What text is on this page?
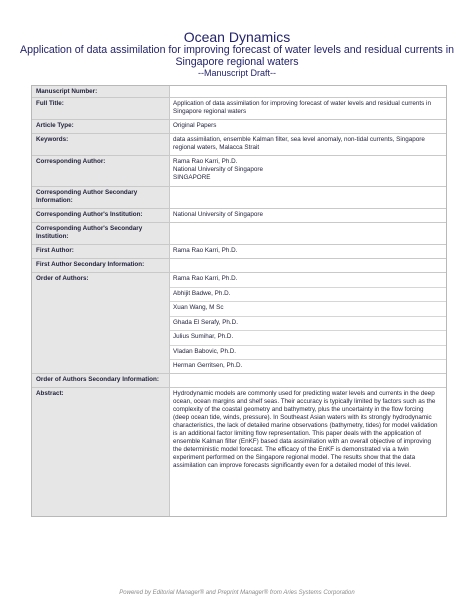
Ocean Dynamics
Application of data assimilation for improving forecast of water levels and residual currents in Singapore regional waters
--Manuscript Draft--
Manuscript Number:
Full Title:	Application of data assimilation for improving forecast of water levels and residual currents in Singapore regional waters
Article Type:	Original Papers
Keywords:	data assimilation, ensemble Kalman filter, sea level anomaly, non-tidal currents, Singapore regional waters, Malacca Strait
Corresponding Author:	Rama Rao Karri, Ph.D.
National University of Singapore
SINGAPORE
Corresponding Author Secondary Information:
Corresponding Author's Institution:	National University of Singapore
Corresponding Author's Secondary Institution:
First Author:	Rama Rao Karri, Ph.D.
First Author Secondary Information:
Order of Authors:	Rama Rao Karri, Ph.D.
Abhijit Badwe, Ph.D.
Xuan Wang, M Sc
Ghada El Serafy, Ph.D.
Julius Sumihar, Ph.D.
Vladan Babovic, Ph.D.
Herman Gerritsen, Ph.D.
Order of Authors Secondary Information:
Abstract:	Hydrodynamic models are commonly used for predicting water levels and currents in the deep ocean, ocean margins and shelf seas. Their accuracy is typically limited by factors such as the complexity of the coastal geometry and bathymetry, plus the uncertainty in the flow forcing (deep ocean tide, winds, pressure). In Southeast Asian waters with its strongly hydrodynamic characteristics, the lack of detailed marine observations (bathymetry, tides) for model validation is an additional factor limiting flow representation. This paper deals with the application of ensemble Kalman filter (EnKF) based data assimilation with an overall objective of improving the deterministic model forecast. The efficacy of the EnKF is demonstrated via a twin experiment performed on the Singapore regional model. The results show that the data assimilation can improve forecasts significantly even for a detailed model of this level.
Powered by Editorial Manager® and Preprint Manager® from Aries Systems Corporation
